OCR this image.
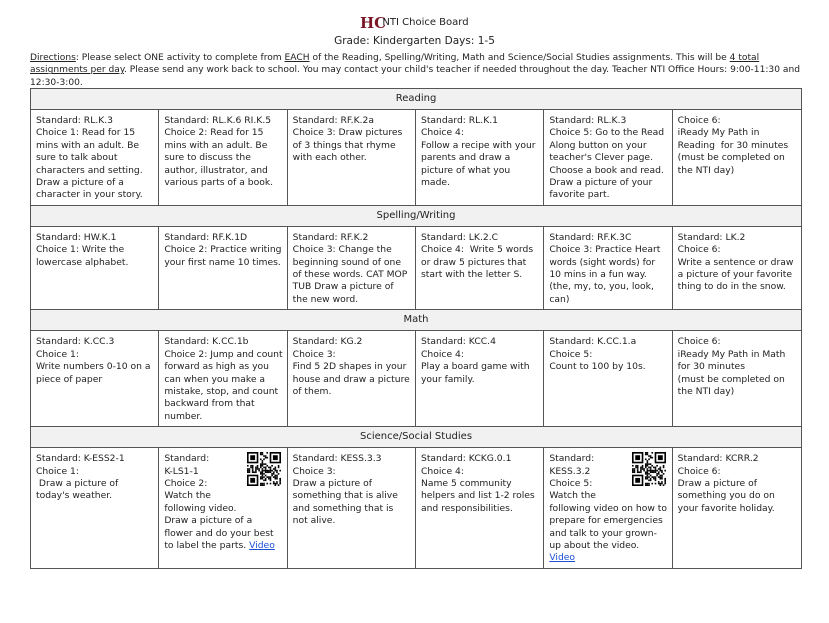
HC
NTI Choice Board
Grade: Kindergarten Days: 1-5
Directions: Please select ONE activity to complete from EACH of the Reading, Spelling/Writing, Math and Science/Social Studies assignments. This will be 4 total assignments per day. Please send any work back to school. You may contact your child's teacher if needed throughout the day. Teacher NTI Office Hours: 9:00-11:30 and 12:30-3:00.
Reading
Standard: RL.K.3
Choice 1: Read for 15 mins with an adult. Be sure to talk about characters and setting. Draw a picture of a character in your story.
Standard: RL.K.6 RI.K.5
Choice 2: Read for 15 mins with an adult. Be sure to discuss the author, illustrator, and various parts of a book.
Standard: RF.K.2a
Choice 3: Draw pictures of 3 things that rhyme with each other.
Standard: RL.K.1
Choice 4:
Follow a recipe with your parents and draw a picture of what you made.
Standard: RL.K.3
Choice 5: Go to the Read Along button on your teacher's Clever page. Choose a book and read. Draw a picture of your favorite part.
Choice 6:
iReady My Path in Reading  for 30 minutes
(must be completed on the NTI day)
Spelling/Writing
Standard: HW.K.1
Choice 1: Write the lowercase alphabet.
Standard: RF.K.1D
Choice 2: Practice writing your first name 10 times.
Standard: RF.K.2
Choice 3: Change the beginning sound of one of these words. CAT MOP TUB Draw a picture of the new word.
Standard: LK.2.C
Choice 4:  Write 5 words or draw 5 pictures that start with the letter S.
Standard: RF.K.3C
Choice 3: Practice Heart words (sight words) for 10 mins in a fun way. (the, my, to, you, look, can)
Standard: LK.2
Choice 6:
Write a sentence or draw a picture of your favorite thing to do in the snow.
Math
Standard: K.CC.3
Choice 1:
Write numbers 0-10 on a piece of paper
Standard: K.CC.1b
Choice 2: Jump and count forward as high as you can when you make a mistake, stop, and count backward from that number.
Standard: KG.2
Choice 3:
Find 5 2D shapes in your house and draw a picture of them.
Standard: KCC.4
Choice 4:
Play a board game with your family.
Standard: K.CC.1.a
Choice 5:
Count to 100 by 10s.
Choice 6:
iReady My Path in Math for 30 minutes
(must be completed on the NTI day)
Science/Social Studies
Standard: K-ESS2-1
Choice 1:
Draw a picture of today's weather.
Standard:
K-LS1-1
Choice 2:
Watch the
following video.
Draw a picture of a flower and do your best to label the parts. Video
Standard: KESS.3.3
Choice 3:
Draw a picture of something that is alive and something that is not alive.
Standard: KCKG.0.1
Choice 4:
Name 5 community helpers and list 1-2 roles and responsibilities.
Standard:
KESS.3.2
Choice 5:
Watch the
following video on how to prepare for emergencies and talk to your grown-up about the video. Video
Standard: KCRR.2
Choice 6:
Draw a picture of something you do on your favorite holiday.
